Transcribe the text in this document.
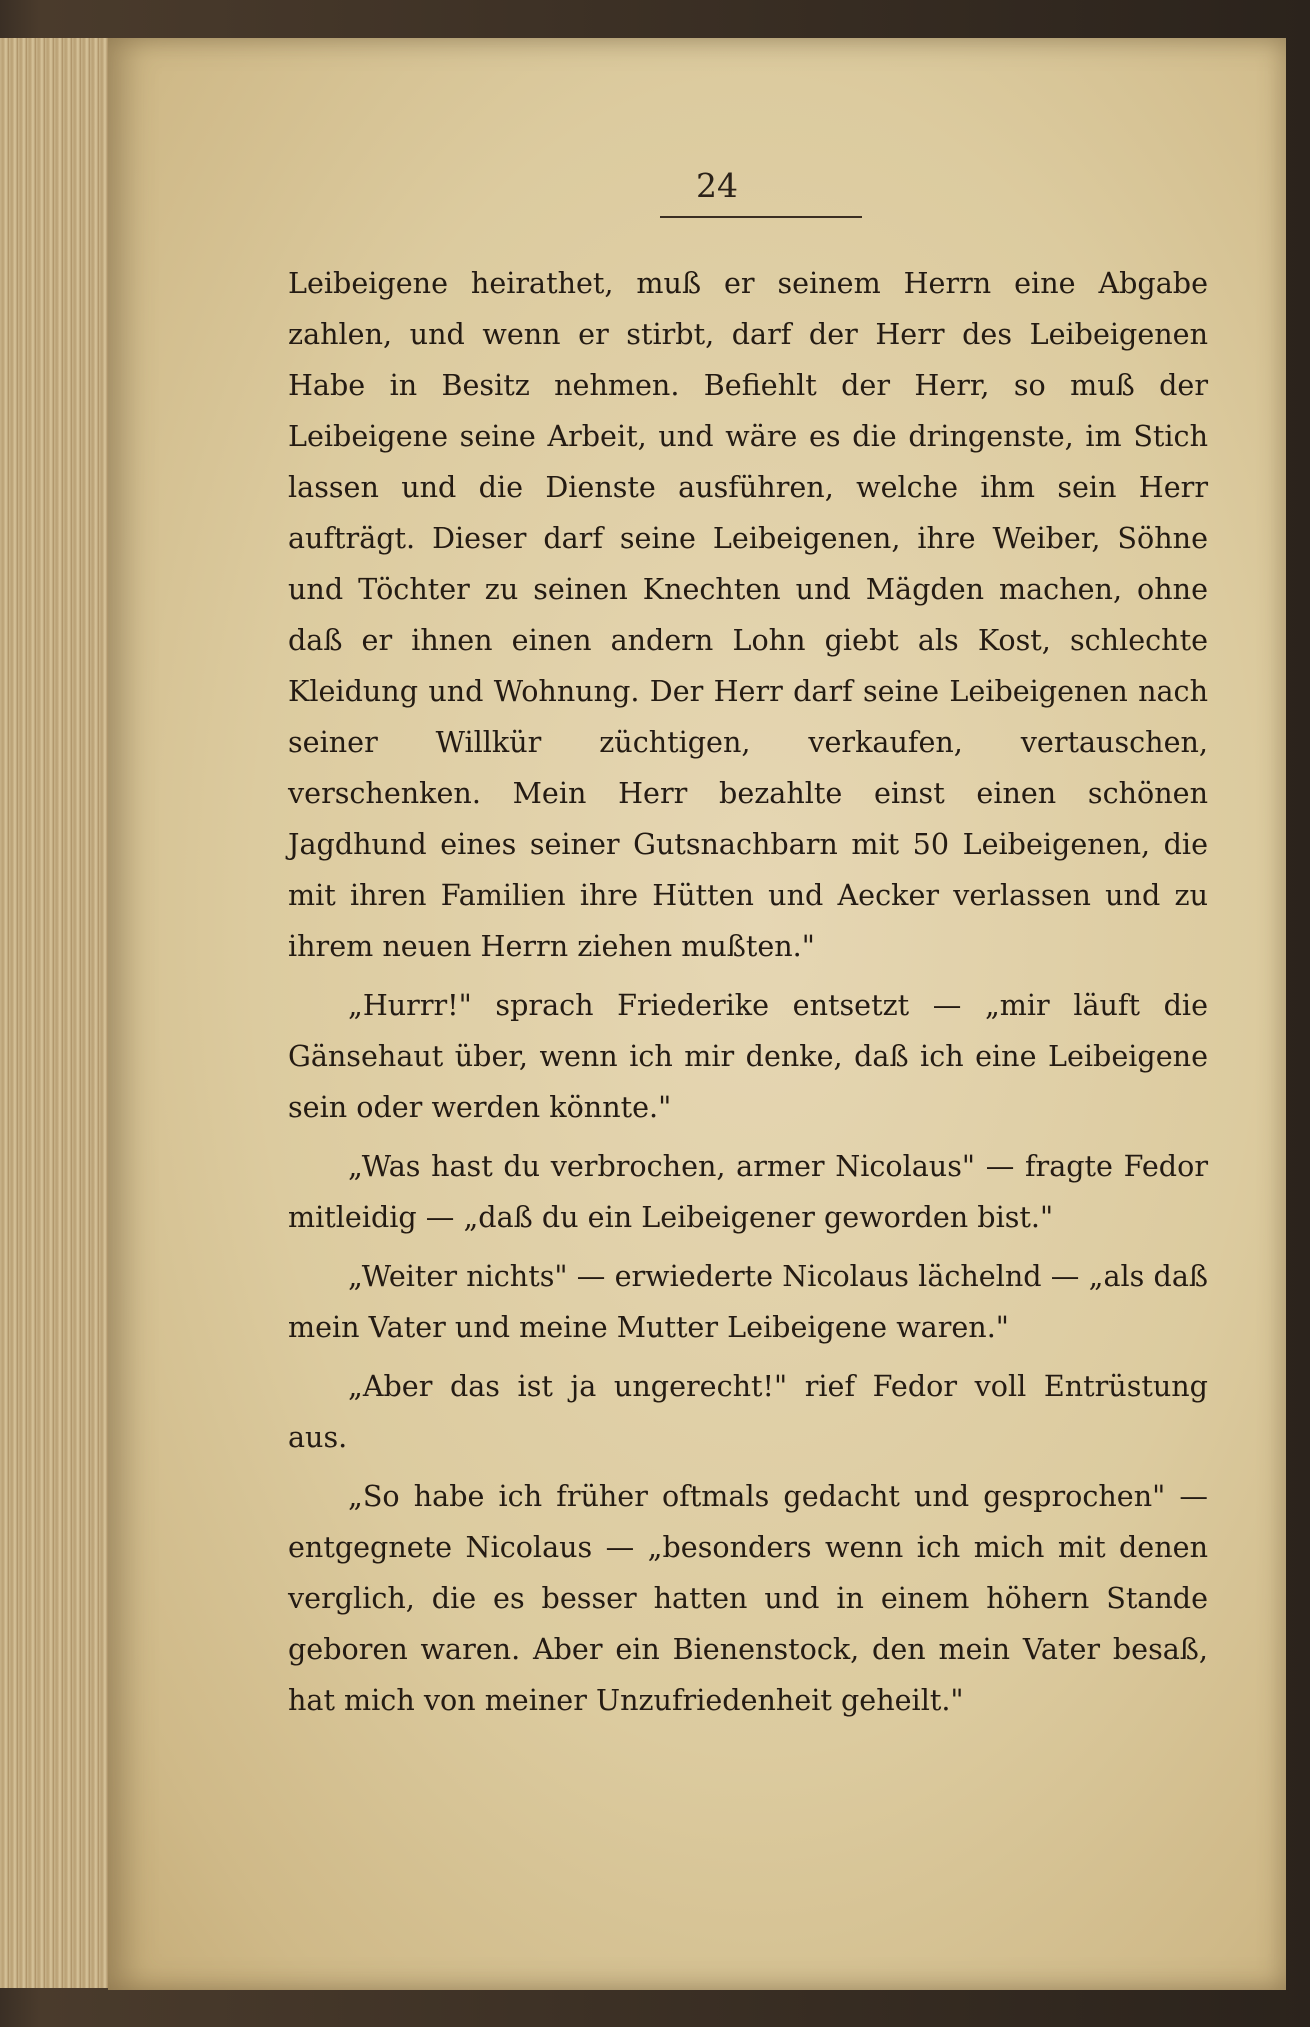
24

Leibeigene heirathet, muß er seinem Herrn eine Abgabe zahlen, und wenn er stirbt, darf der Herr des Leibeigenen Habe in Besitz nehmen. Befiehlt der Herr, so muß der Leibeigene seine Arbeit, und wäre es die dringenste, im Stich lassen und die Dienste ausführen, welche ihm sein Herr aufträgt. Dieser darf seine Leibeigenen, ihre Weiber, Söhne und Töchter zu seinen Knechten und Mägden machen, ohne daß er ihnen einen andern Lohn giebt als Kost, schlechte Kleidung und Wohnung. Der Herr darf seine Leibeigenen nach seiner Willkür züchtigen, verkaufen, vertauschen, verschenken. Mein Herr bezahlte einst einen schönen Jagdhund eines seiner Gutsnachbarn mit 50 Leibeigenen, die mit ihren Familien ihre Hütten und Aecker verlassen und zu ihrem neuen Herrn ziehen mußten."

„Hurrr!" sprach Friederike entsetzt — „mir läuft die Gänsehaut über, wenn ich mir denke, daß ich eine Leibeigene sein oder werden könnte."

„Was hast du verbrochen, armer Nicolaus" — fragte Fedor mitleidig — „daß du ein Leibeigener geworden bist."

„Weiter nichts" — erwiederte Nicolaus lächelnd — „als daß mein Vater und meine Mutter Leibeigene waren."

„Aber das ist ja ungerecht!" rief Fedor voll Entrüstung aus.

„So habe ich früher oftmals gedacht und gesprochen" — entgegnete Nicolaus — „besonders wenn ich mich mit denen verglich, die es besser hatten und in einem höhern Stande geboren waren. Aber ein Bienenstock, den mein Vater besaß, hat mich von meiner Unzufriedenheit geheilt."
